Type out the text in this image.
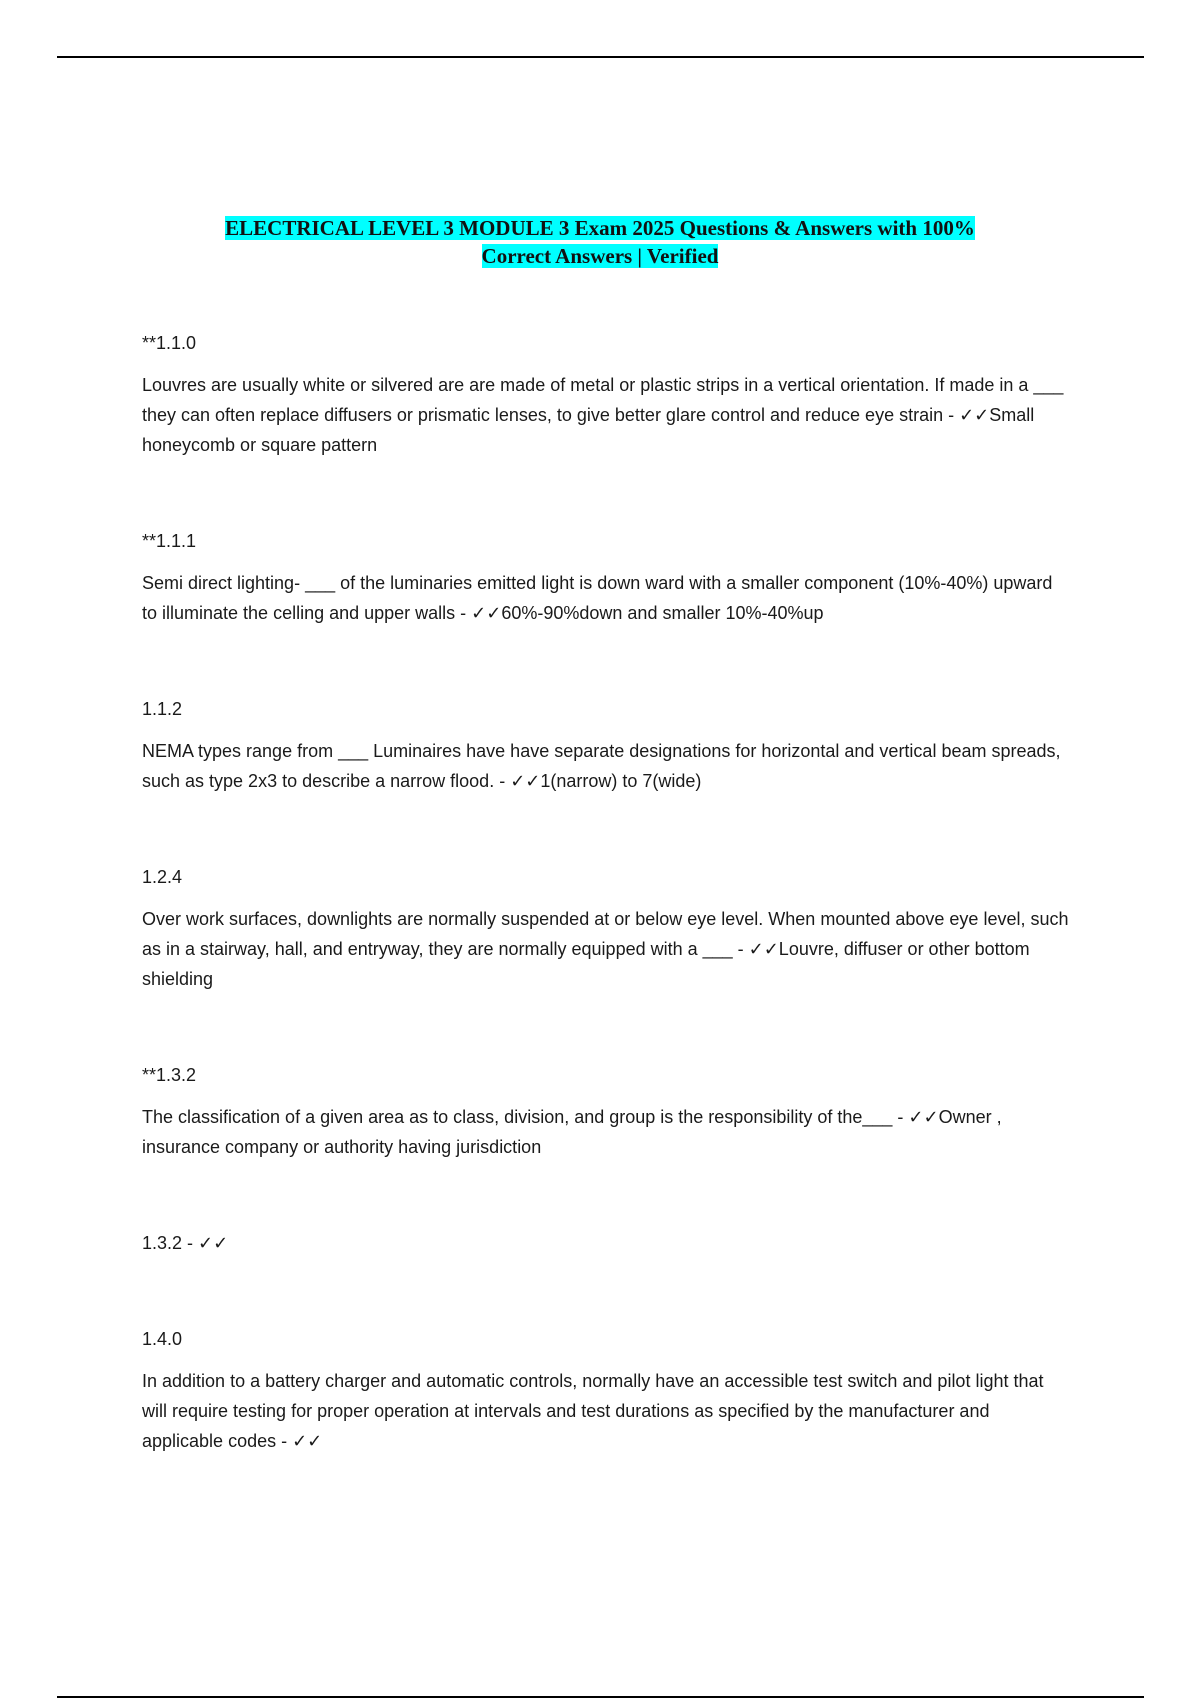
ELECTRICAL LEVEL 3 MODULE 3 Exam 2025 Questions & Answers with 100%
Correct Answers | Verified

**1.1.0

Louvres are usually white or silvered are are made of metal or plastic strips in a vertical orientation. If made in a ___ they can often replace diffusers or prismatic lenses, to give better glare control and reduce eye strain - ✓✓Small honeycomb or square pattern

**1.1.1

Semi direct lighting- ___ of the luminaries emitted light is down ward with a smaller component (10%-40%) upward to illuminate the celling and upper walls - ✓✓60%-90%down and smaller 10%-40%up

1.1.2

NEMA types range from ___ Luminaires have have separate designations for horizontal and vertical beam spreads, such as type 2x3 to describe a narrow flood. - ✓✓1(narrow) to 7(wide)

1.2.4

Over work surfaces, downlights are normally suspended at or below eye level. When mounted above eye level, such as in a stairway, hall, and entryway, they are normally equipped with a ___ - ✓✓Louvre, diffuser or other bottom shielding

**1.3.2

The classification of a given area as to class, division, and group is the responsibility of the___ - ✓✓Owner , insurance company or authority having jurisdiction

1.3.2 - ✓✓

1.4.0

In addition to a battery charger and automatic controls, normally have an accessible test switch and pilot light that will require testing for proper operation at intervals and test durations as specified by the manufacturer and applicable codes - ✓✓
